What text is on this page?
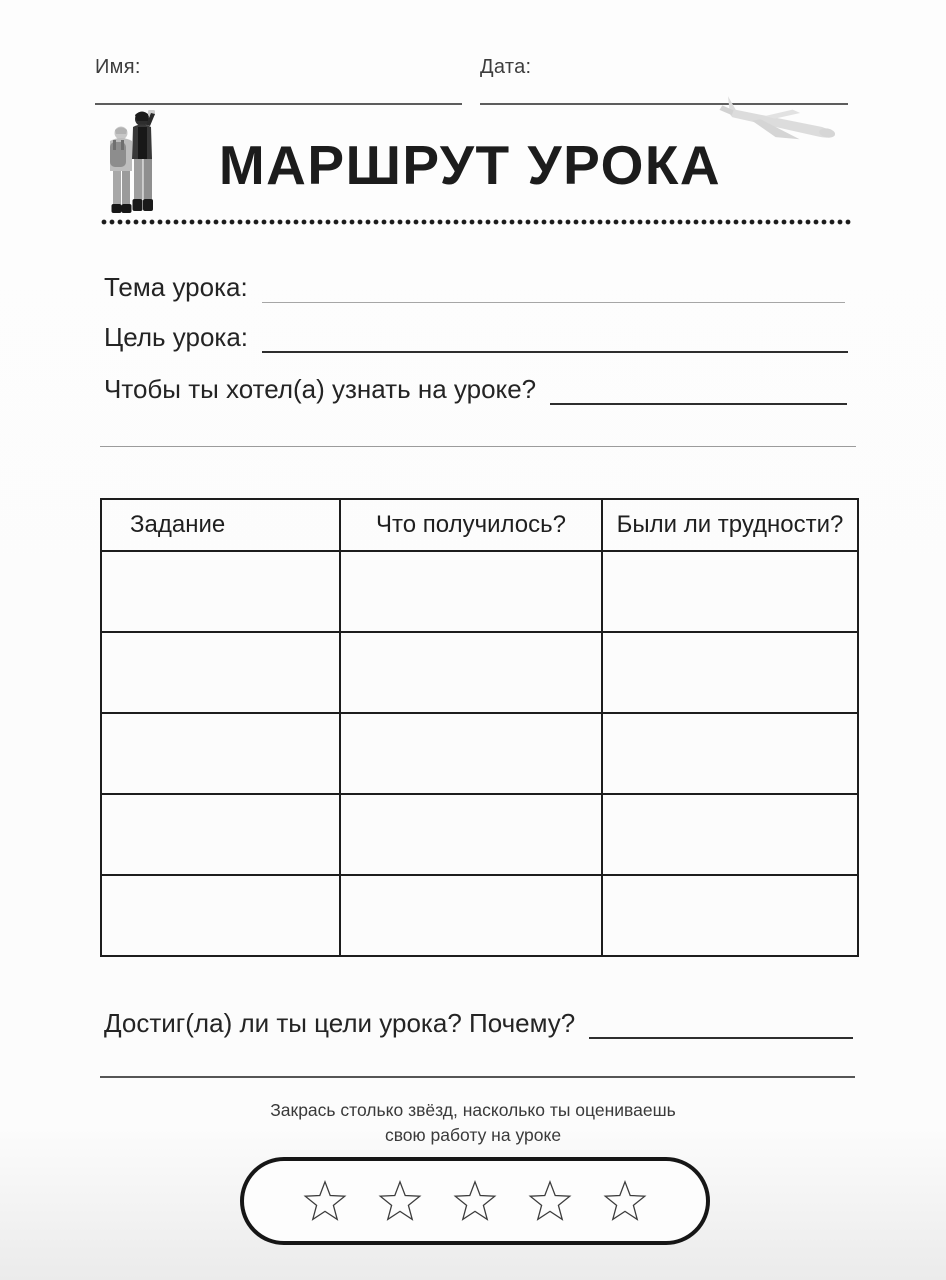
Имя:	Дата:
МАРШРУТ УРОКА
Тема урока:
Цель урока:
Чтобы ты хотел(а) узнать на уроке?
Задание	Что получилось?	Были ли трудности?

Достиг(ла) ли ты цели урока? Почему?
Закрась столько звёзд, насколько ты оцениваешь
свою работу на уроке
